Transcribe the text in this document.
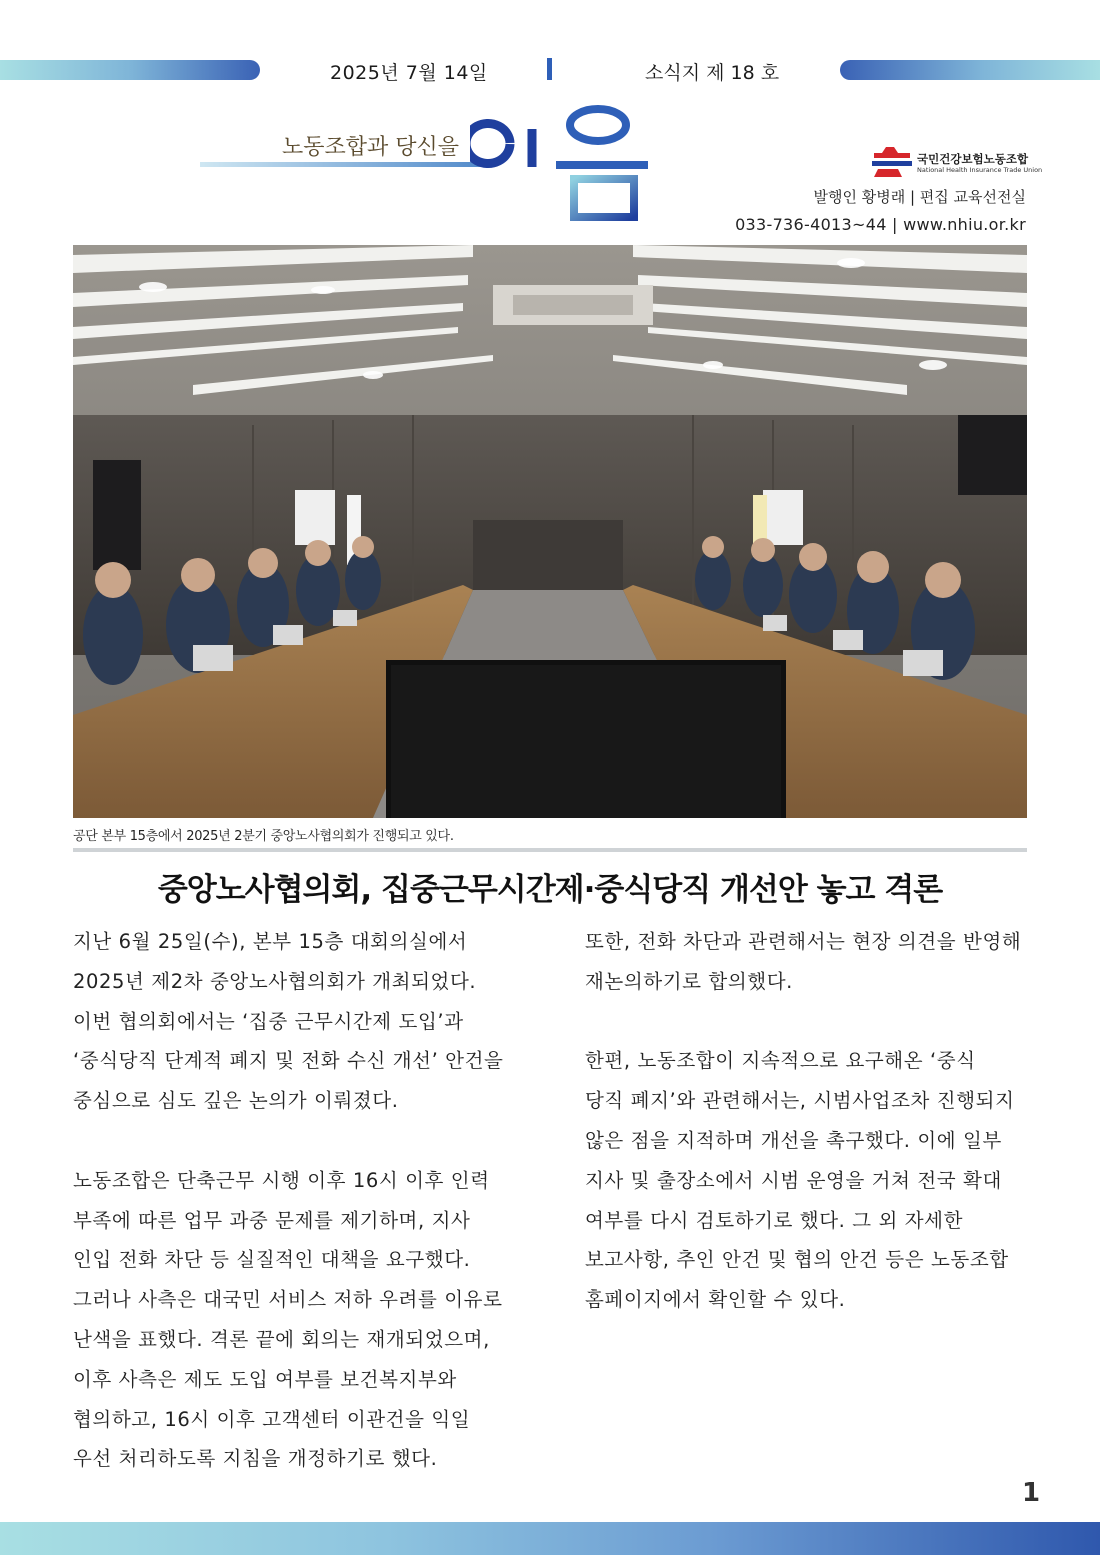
2025년 7월 14일	소식지 제 18 호
노동조합과 당신을	국민건강보험노동조합
National Health Insurance Trade Union
발행인 황병래 | 편집 교육선전실
033-736-4013~44 | www.nhiu.or.kr
공단 본부 15층에서 2025년 2분기 중앙노사협의회가 진행되고 있다.
중앙노사협의회, 집중근무시간제·중식당직 개선안 놓고 격론

지난 6월 25일(수), 본부 15층 대회의실에서

2025년 제2차 중앙노사협의회가 개최되었다.

이번 협의회에서는 ‘집중 근무시간제 도입’과

‘중식당직 단계적 폐지 및 전화 수신 개선’ 안건을

중심으로 심도 깊은 논의가 이뤄졌다.

노동조합은 단축근무 시행 이후 16시 이후 인력

부족에 따른 업무 과중 문제를 제기하며, 지사

인입 전화 차단 등 실질적인 대책을 요구했다.

그러나 사측은 대국민 서비스 저하 우려를 이유로

난색을 표했다. 격론 끝에 회의는 재개되었으며,

이후 사측은 제도 도입 여부를 보건복지부와

협의하고, 16시 이후 고객센터 이관건을 익일

우선 처리하도록 지침을 개정하기로 했다.

또한, 전화 차단과 관련해서는 현장 의견을 반영해

재논의하기로 합의했다.

한편, 노동조합이 지속적으로 요구해온 ‘중식

당직 폐지’와 관련해서는, 시범사업조차 진행되지

않은 점을 지적하며 개선을 촉구했다. 이에 일부

지사 및 출장소에서 시범 운영을 거쳐 전국 확대

여부를 다시 검토하기로 했다. 그 외 자세한

보고사항, 추인 안건 및 협의 안건 등은 노동조합

홈페이지에서 확인할 수 있다.

1
